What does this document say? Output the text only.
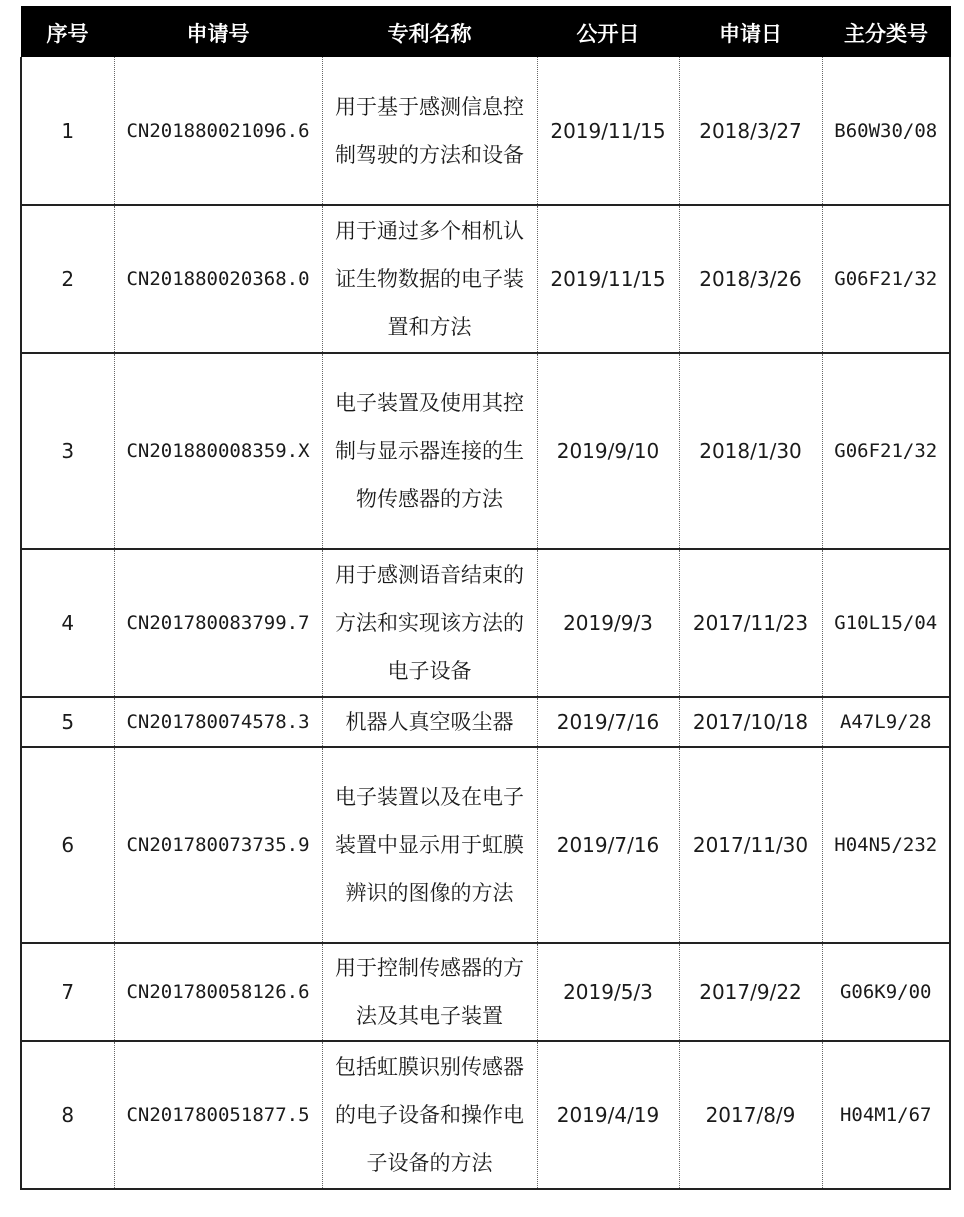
序号	申请号	专利名称	公开日	申请日	主分类号
1	CN201880021096.6	用于基于感测信息控制驾驶的方法和设备	2019/11/15	2018/3/27	B60W30/08
2	CN201880020368.0	用于通过多个相机认证生物数据的电子装置和方法	2019/11/15	2018/3/26	G06F21/32
3	CN201880008359.X	电子装置及使用其控制与显示器连接的生物传感器的方法	2019/9/10	2018/1/30	G06F21/32
4	CN201780083799.7	用于感测语音结束的方法和实现该方法的电子设备	2019/9/3	2017/11/23	G10L15/04
5	CN201780074578.3	机器人真空吸尘器	2019/7/16	2017/10/18	A47L9/28
6	CN201780073735.9	电子装置以及在电子装置中显示用于虹膜辨识的图像的方法	2019/7/16	2017/11/30	H04N5/232
7	CN201780058126.6	用于控制传感器的方法及其电子装置	2019/5/3	2017/9/22	G06K9/00
8	CN201780051877.5	包括虹膜识别传感器的电子设备和操作电子设备的方法	2019/4/19	2017/8/9	H04M1/67
